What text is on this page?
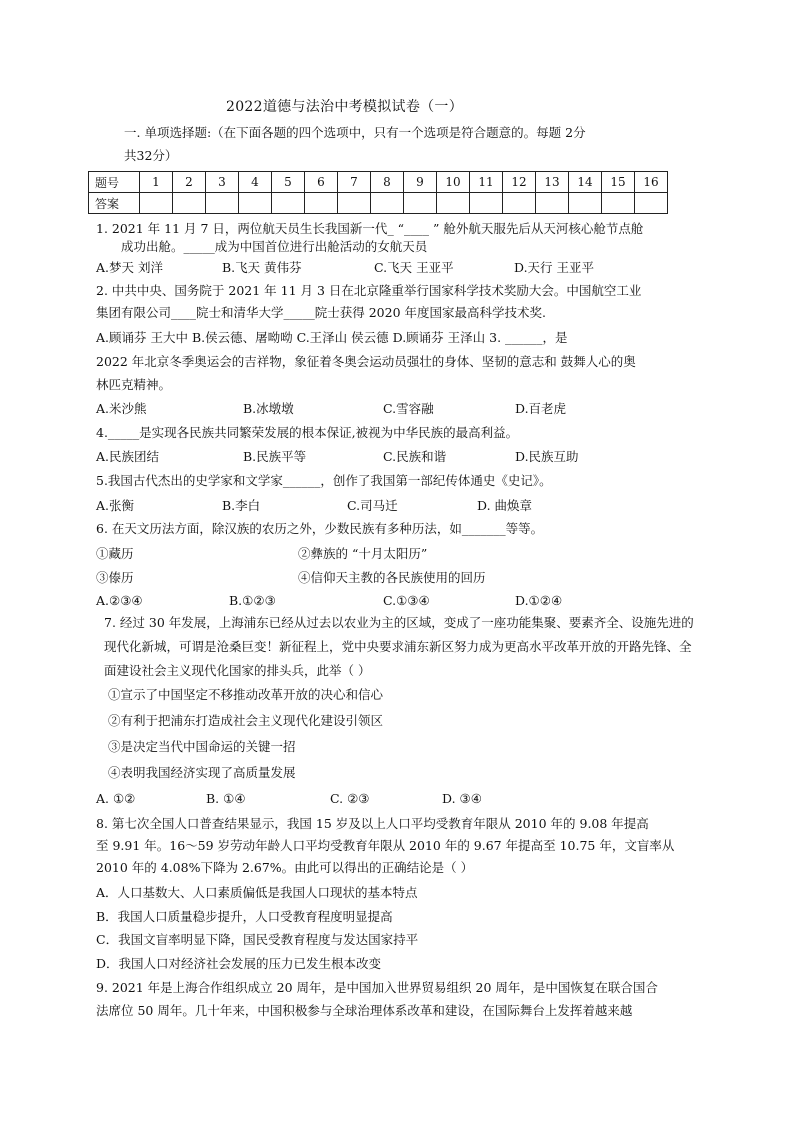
2022道德与法治中考模拟试卷（一）
一. 单项选择题:（在下面各题的四个选项中，只有一个选项是符合题意的。每题 2分
共32分）
题号	1	2	3	4	5	6	7	8	9	10	11	12	13	14	15	16
答案																
1. 2021 年 11 月 7 日，两位航天员生长我国新一代_ “____ ” 舱外航天服先后从天河核心舱节点舱
成功出舱。_____成为中国首位进行出舱活动的女航天员
A.梦天 刘洋	B.飞天 黄伟芬	C.飞天 王亚平	D.天行 王亚平
2. 中共中央、国务院于 2021 年 11 月 3 日在北京隆重举行国家科学技术奖励大会。中国航空工业
集团有限公司____院士和清华大学_____院士获得 2020 年度国家最高科学技术奖.
A.顾诵芬 王大中 B.侯云德、屠呦呦 C.王泽山 侯云德 D.顾诵芬 王泽山 3. ______，是
2022 年北京冬季奥运会的吉祥物，象征着冬奥会运动员强壮的身体、坚韧的意志和 鼓舞人心的奥
林匹克精神。
A.米沙熊	B.冰墩墩	C.雪容融	D.百老虎
4._____是实现各民族共同繁荣发展的根本保证,被视为中华民族的最高利益。
A.民族团结	B.民族平等	C.民族和谐	D.民族互助
5.我国古代杰出的史学家和文学家______，创作了我国第一部纪传体通史《史记》。
A.张衡	B.李白	C.司马迁	D. 曲焕章
6. 在天文历法方面，除汉族的农历之外，少数民族有多种历法，如_______等等。
①藏历	②彝族的 “十月太阳历”
③傣历	④信仰天主教的各民族使用的回历
A.②③④	B.①②③	C.①③④	D.①②④
7. 经过 30 年发展，上海浦东已经从过去以农业为主的区域，变成了一座功能集聚、要素齐全、设施先进的
现代化新城，可谓是沧桑巨变！新征程上，党中央要求浦东新区努力成为更高水平改革开放的开路先锋、全
面建设社会主义现代化国家的排头兵，此举（ ）
①宣示了中国坚定不移推动改革开放的决心和信心
②有利于把浦东打造成社会主义现代化建设引领区
③是决定当代中国命运的关键一招
④表明我国经济实现了高质量发展
A. ①②	B. ①④	C. ②③	D. ③④
8. 第七次全国人口普查结果显示，我国 15 岁及以上人口平均受教育年限从 2010 年的 9.08 年提高
至 9.91 年。16～59 岁劳动年龄人口平均受教育年限从 2010 年的 9.67 年提高至 10.75 年，文盲率从
2010 年的 4.08%下降为 2.67%。由此可以得出的正确结论是（ ）
A．人口基数大、人口素质偏低是我国人口现状的基本特点
B．我国人口质量稳步提升，人口受教育程度明显提高
C．我国文盲率明显下降，国民受教育程度与发达国家持平
D．我国人口对经济社会发展的压力已发生根本改变
9. 2021 年是上海合作组织成立 20 周年，是中国加入世界贸易组织 20 周年，是中国恢复在联合国合
法席位 50 周年。几十年来，中国积极参与全球治理体系改革和建设，在国际舞台上发挥着越来越
